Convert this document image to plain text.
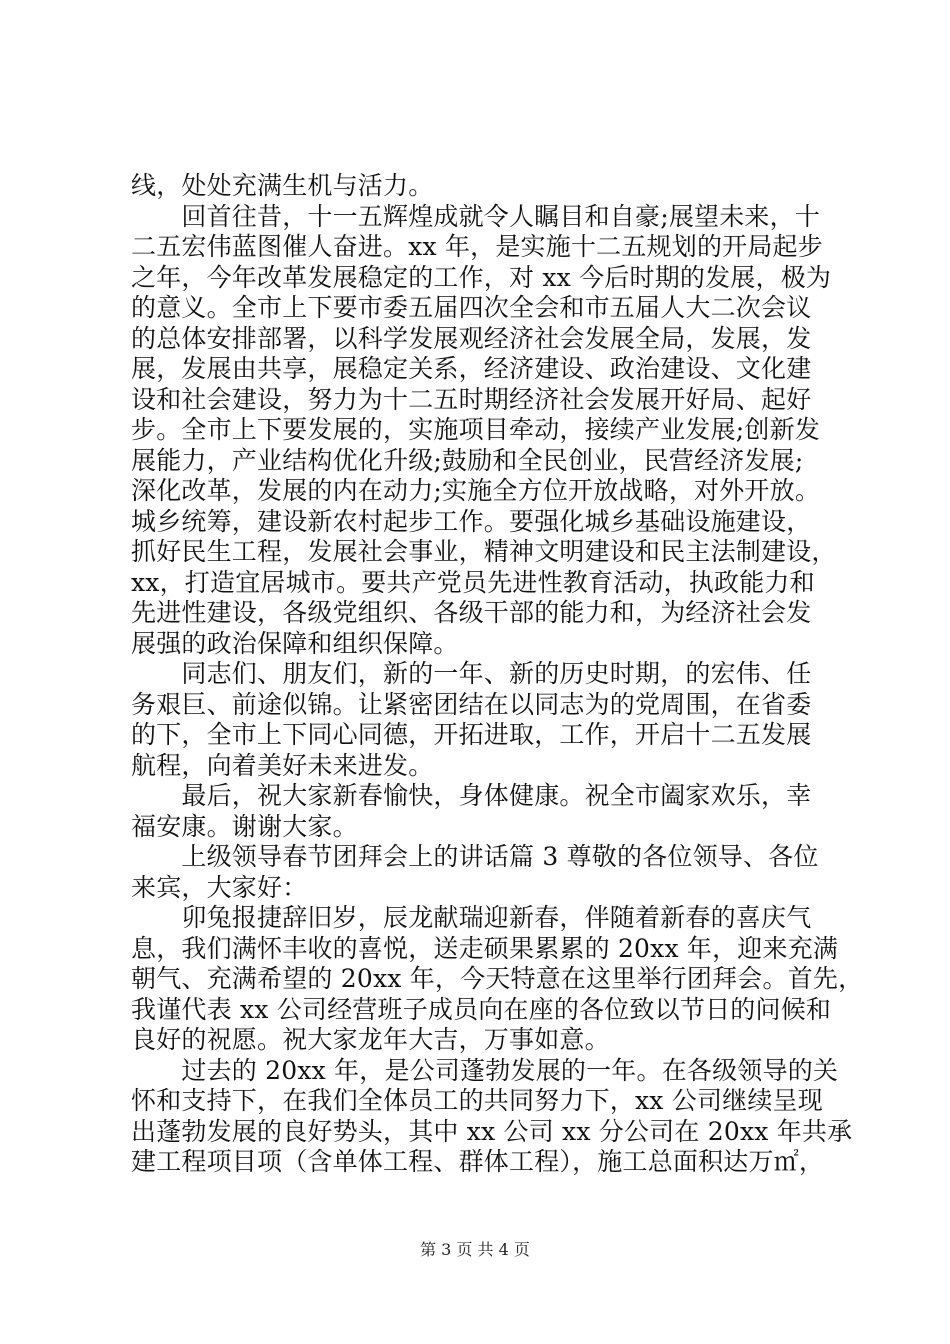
线，处处充满生机与活力。
　　回首往昔，十一五辉煌成就令人瞩目和自豪;展望未来，十
二五宏伟蓝图催人奋进。xx 年，是实施十二五规划的开局起步
之年，今年改革发展稳定的工作，对 xx 今后时期的发展，极为
的意义。全市上下要市委五届四次全会和市五届人大二次会议
的总体安排部署，以科学发展观经济社会发展全局，发展，发
展，发展由共享，展稳定关系，经济建设、政治建设、文化建
设和社会建设，努力为十二五时期经济社会发展开好局、起好
步。全市上下要发展的，实施项目牵动，接续产业发展;创新发
展能力，产业结构优化升级;鼓励和全民创业，民营经济发展;
深化改革，发展的内在动力;实施全方位开放战略，对外开放。
城乡统筹，建设新农村起步工作。要强化城乡基础设施建设，
抓好民生工程，发展社会事业，精神文明建设和民主法制建设，
xx，打造宜居城市。要共产党员先进性教育活动，执政能力和
先进性建设，各级党组织、各级干部的能力和，为经济社会发
展强的政治保障和组织保障。
　　同志们、朋友们，新的一年、新的历史时期，的宏伟、任
务艰巨、前途似锦。让紧密团结在以同志为的党周围，在省委
的下，全市上下同心同德，开拓进取，工作，开启十二五发展
航程，向着美好未来进发。
　　最后，祝大家新春愉快，身体健康。祝全市阖家欢乐，幸
福安康。谢谢大家。
　　上级领导春节团拜会上的讲话篇 3 尊敬的各位领导、各位
来宾，大家好：
　　卯兔报捷辞旧岁，辰龙献瑞迎新春，伴随着新春的喜庆气
息，我们满怀丰收的喜悦，送走硕果累累的 20xx 年，迎来充满
朝气、充满希望的 20xx 年，今天特意在这里举行团拜会。首先，
我谨代表 xx 公司经营班子成员向在座的各位致以节日的问候和
良好的祝愿。祝大家龙年大吉，万事如意。
　　过去的 20xx 年，是公司蓬勃发展的一年。在各级领导的关
怀和支持下，在我们全体员工的共同努力下，xx 公司继续呈现
出蓬勃发展的良好势头，其中 xx 公司 xx 分公司在 20xx 年共承
建工程项目项（含单体工程、群体工程），施工总面积达万㎡，
第 3 页 共 4 页
